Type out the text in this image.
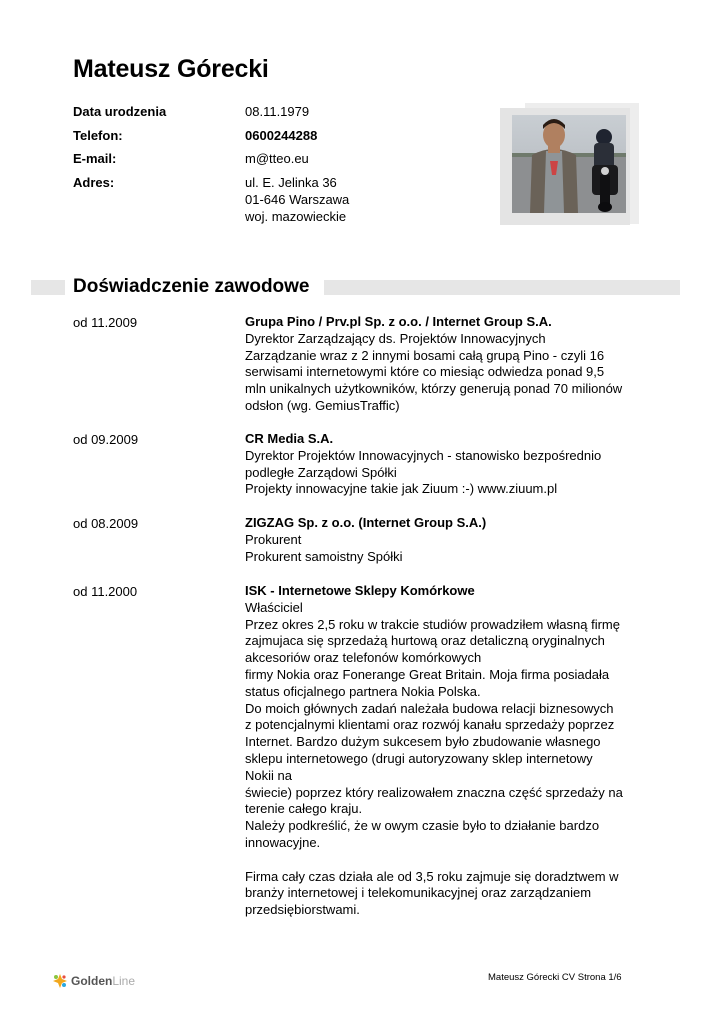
Mateusz Górecki
Data urodzenia	08.11.1979
Telefon:	0600244288
E-mail:	m@tteo.eu
Adres:	ul. E. Jelinka 36
01-646 Warszawa
woj. mazowieckie
Doświadczenie zawodowe
od 11.2009	Grupa Pino / Prv.pl Sp. z o.o. / Internet Group S.A.
Dyrektor Zarządzający ds. Projektów Innowacyjnych
Zarządzanie wraz z 2 innymi bosami całą grupą Pino - czyli 16
serwisami internetowymi które co miesiąc odwiedza ponad 9,5
mln unikalnych użytkowników, którzy generują ponad 70 milionów
odsłon (wg. GemiusTraffic)
od 09.2009	CR Media S.A.
Dyrektor Projektów Innowacyjnych - stanowisko bezpośrednio
podległe Zarządowi Spółki
Projekty innowacyjne takie jak Ziuum :-) www.ziuum.pl
od 08.2009	ZIGZAG Sp. z o.o. (Internet Group S.A.)
Prokurent
Prokurent samoistny Spółki
od 11.2000	ISK - Internetowe Sklepy Komórkowe
Właściciel
Przez okres 2,5 roku w trakcie studiów prowadziłem własną firmę
zajmujaca się sprzedażą hurtową oraz detaliczną oryginalnych
akcesoriów oraz telefonów komórkowych
firmy Nokia oraz Fonerange Great Britain. Moja firma posiadała
status oficjalnego partnera Nokia Polska.
Do moich głównych zadań należała budowa relacji biznesowych
z potencjalnymi klientami oraz rozwój kanału sprzedaży poprzez
Internet. Bardzo dużym sukcesem było zbudowanie własnego
sklepu internetowego (drugi autoryzowany sklep internetowy
Nokii na
świecie) poprzez który realizowałem znaczna część sprzedaży na
terenie całego kraju.
Należy podkreślić, że w owym czasie było to działanie bardzo
innowacyjne.
Firma cały czas działa ale od 3,5 roku zajmuje się doradztwem w
branży internetowej i telekomunikacyjnej oraz zarządzaniem
przedsiębiorstwami.
GoldenLine	Mateusz Górecki CV Strona 1/6
